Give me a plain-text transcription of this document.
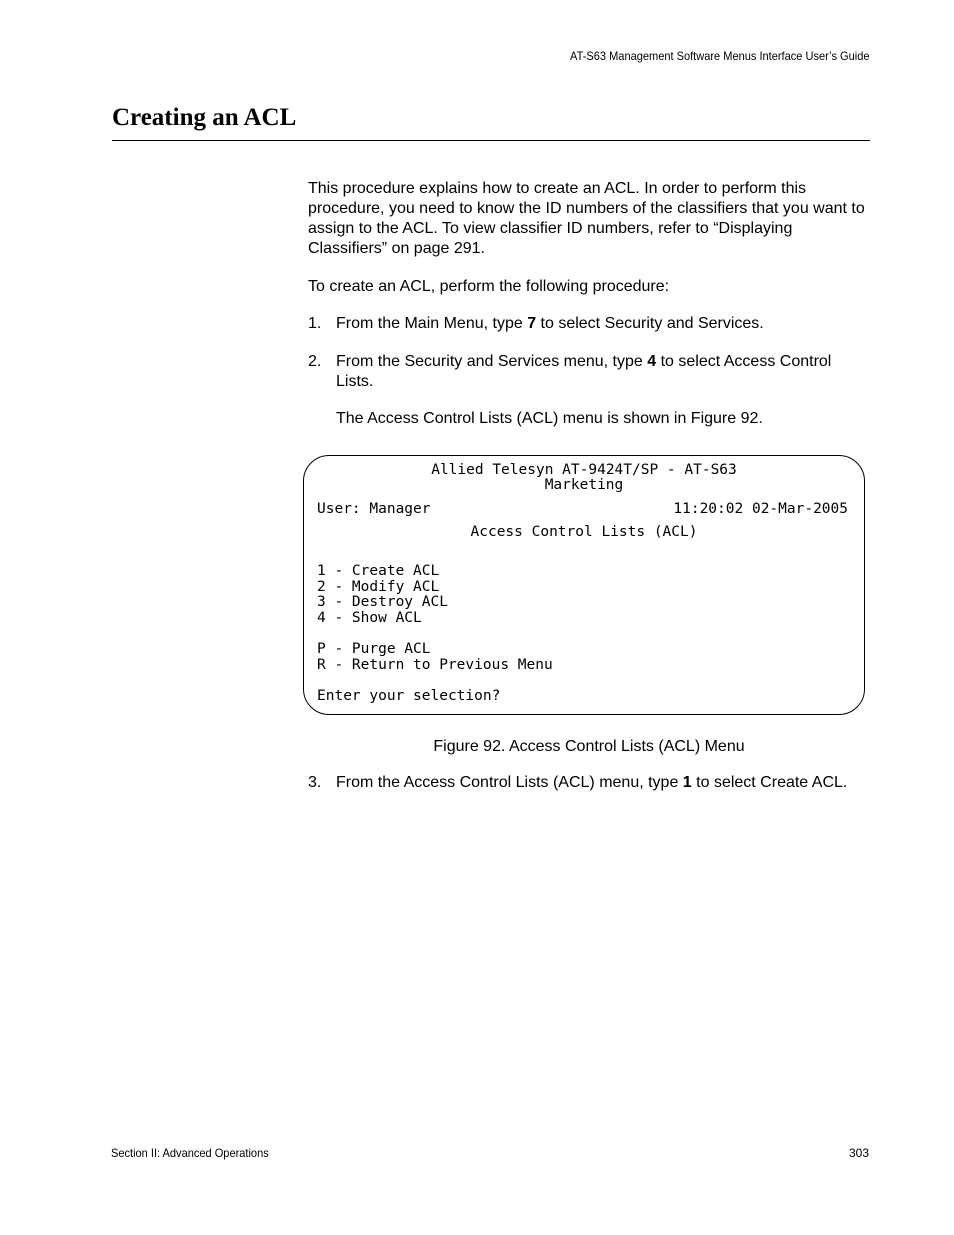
AT-S63 Management Software Menus Interface User’s Guide
Creating an ACL

This procedure explains how to create an ACL. In order to perform this procedure, you need to know the ID numbers of the classifiers that you want to assign to the ACL. To view classifier ID numbers, refer to “Displaying Classifiers” on page 291.

To create an ACL, perform the following procedure:

1. From the Main Menu, type 7 to select Security and Services.
2. From the Security and Services menu, type 4 to select Access Control Lists.

The Access Control Lists (ACL) menu is shown in Figure 92.

Allied Telesyn AT-9424T/SP - AT-S63
Marketing
User: Manager	11:20:02 02-Mar-2005
Access Control Lists (ACL)
1 - Create ACL
2 - Modify ACL
3 - Destroy ACL
4 - Show ACL
P - Purge ACL
R - Return to Previous Menu
Enter your selection?
Figure 92. Access Control Lists (ACL) Menu
3. From the Access Control Lists (ACL) menu, type 1 to select Create ACL.
Section II: Advanced Operations	303
